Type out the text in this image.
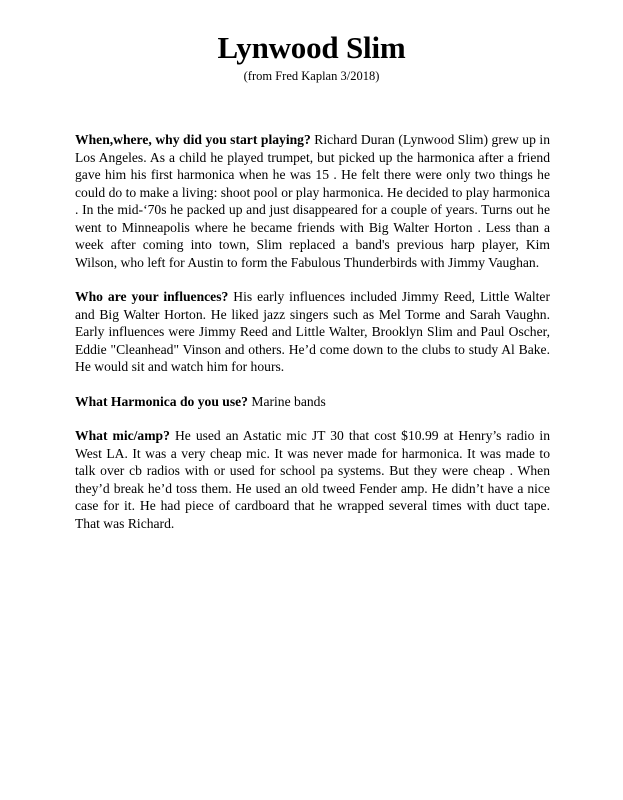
Lynwood Slim
(from Fred Kaplan 3/2018)

When,where, why did you start playing? Richard Duran (Lynwood Slim) grew up in Los Angeles. As a child he played trumpet, but picked up the harmonica after a friend gave him his first harmonica when he was 15 . He felt there were only two things he could do to make a living: shoot pool or play harmonica. He decided to play harmonica . In the mid-‘70s he packed up and just disappeared for a couple of years. Turns out he went to Minneapolis where he became friends with Big Walter Horton . Less than a week after coming into town, Slim replaced a band's previous harp player, Kim Wilson, who left for Austin to form the Fabulous Thunderbirds with Jimmy Vaughan.

Who are your influences? His early influences included Jimmy Reed, Little Walter and Big Walter Horton. He liked jazz singers such as Mel Torme and Sarah Vaughn. Early influences were Jimmy Reed and Little Walter, Brooklyn Slim and Paul Oscher, Eddie "Cleanhead" Vinson and others. He’d come down to the clubs to study Al Bake. He would sit and watch him for hours.

What Harmonica do you use? Marine bands

What mic/amp? He used an Astatic mic JT 30 that cost $10.99 at Henry’s radio in West LA. It was a very cheap mic. It was never made for harmonica. It was made to talk over cb radios with or used for school pa systems. But they were cheap . When they’d break he’d toss them. He used an old tweed Fender amp. He didn’t have a nice case for it. He had piece of cardboard that he wrapped several times with duct tape. That was Richard.
